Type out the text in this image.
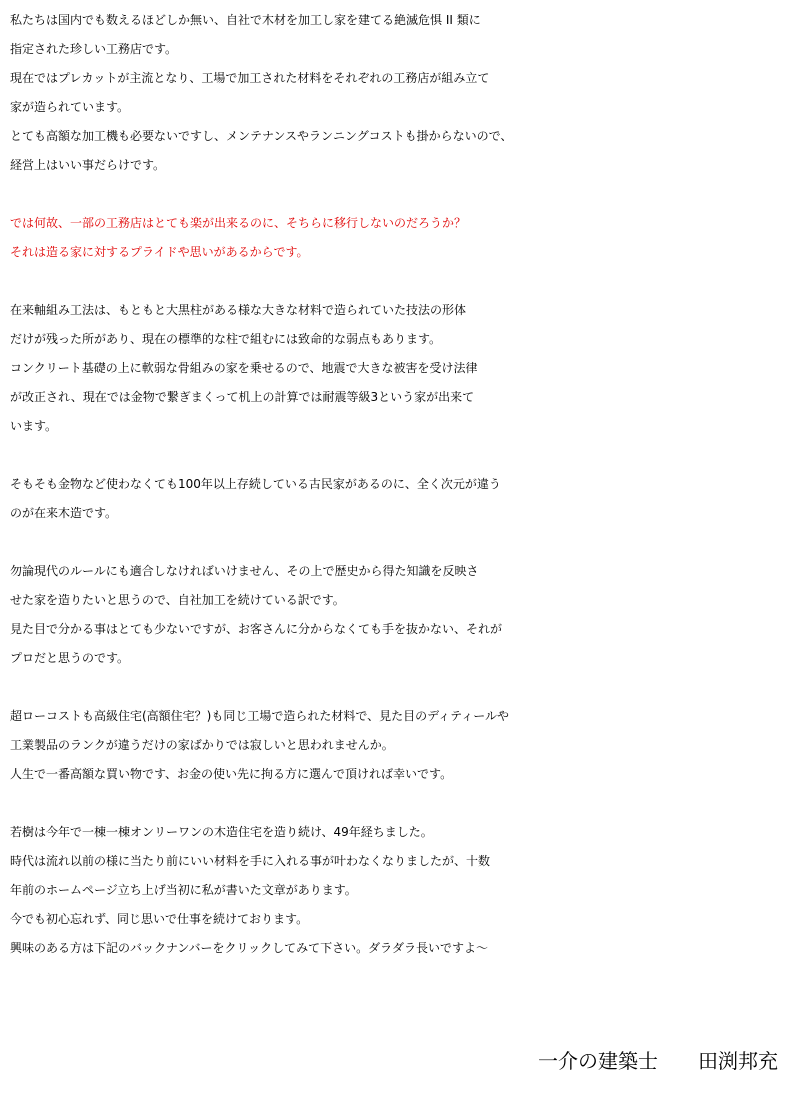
私たちは国内でも数えるほどしか無い、自社で木材を加工し家を建てる絶滅危惧 II 類に
指定された珍しい工務店です。
現在ではプレカットが主流となり、工場で加工された材料をそれぞれの工務店が組み立て
家が造られています。
とても高額な加工機も必要ないですし、メンテナンスやランニングコストも掛からないので、
経営上はいい事だらけです。
では何故、一部の工務店はとても楽が出来るのに、そちらに移行しないのだろうか？
それは造る家に対するプライドや思いがあるからです。
在来軸組み工法は、もともと大黒柱がある様な大きな材料で造られていた技法の形体
だけが残った所があり、現在の標準的な柱で組むには致命的な弱点もあります。
コンクリート基礎の上に軟弱な骨組みの家を乗せるので、地震で大きな被害を受け法律
が改正され、現在では金物で繋ぎまくって机上の計算では耐震等級3という家が出来て
います。
そもそも金物など使わなくても100年以上存続している古民家があるのに、全く次元が違う
のが在来木造です。
勿論現代のルールにも適合しなければいけません、その上で歴史から得た知識を反映さ
せた家を造りたいと思うので、自社加工を続けている訳です。
見た目で分かる事はとても少ないですが、お客さんに分からなくても手を抜かない、それが
プロだと思うのです。
超ローコストも高級住宅(高額住宅？)も同じ工場で造られた材料で、見た目のディティールや
工業製品のランクが違うだけの家ばかりでは寂しいと思われませんか。
人生で一番高額な買い物です、お金の使い先に拘る方に選んで頂ければ幸いです。
若樹は今年で一棟一棟オンリーワンの木造住宅を造り続け、49年経ちました。
時代は流れ以前の様に当たり前にいい材料を手に入れる事が叶わなくなりましたが、十数
年前のホームページ立ち上げ当初に私が書いた文章があります。
今でも初心忘れず、同じ思いで仕事を続けております。
興味のある方は下記のバックナンバーをクリックしてみて下さい。ダラダラ長いですよ～
一介の建築士 田渕邦充
